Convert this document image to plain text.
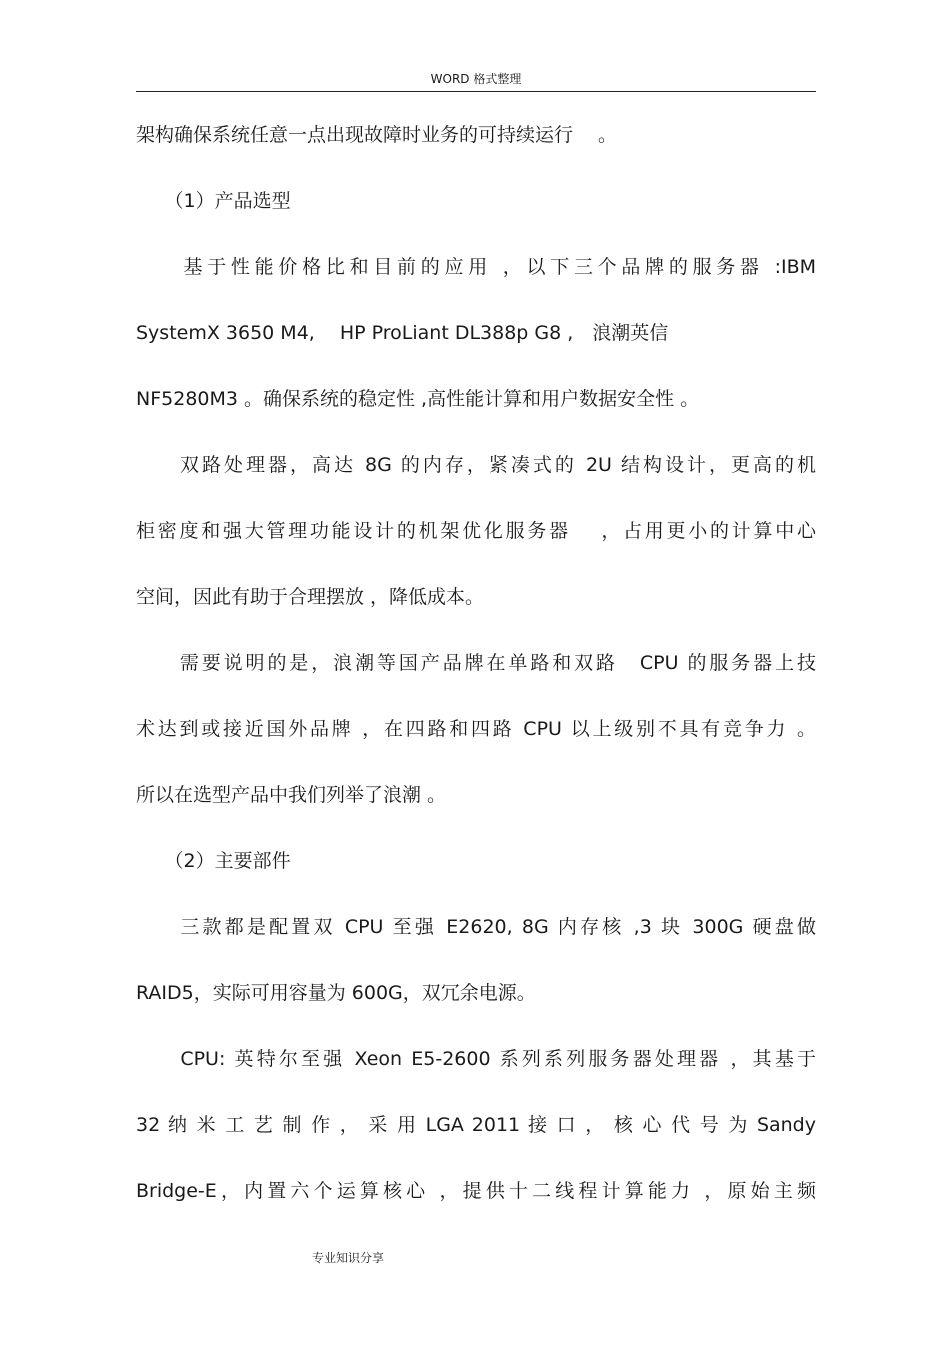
WORD 格式整理
架构确保系统任意一点出现故障时业务的可持续运行　 。
　　（1）产品选型
　　基于性能价格比和目前的应用 ，以下三个品牌的服务器 :IBM
SystemX 3650 M4,　 HP ProLiant DL388p G8 ,　浪潮英信
NF5280M3 。确保系统的稳定性 ,高性能计算和用户数据安全性 。
　　双路处理器，高达 8G 的内存，紧凑式的 2U 结构设计，更高的机
柜密度和强大管理功能设计的机架优化服务器　 ，占用更小的计算中心
空间，因此有助于合理摆放 ，降低成本。
　　需要说明的是，浪潮等国产品牌在单路和双路　CPU 的服务器上技
术达到或接近国外品牌 ，在四路和四路 CPU 以上级别不具有竞争力 。
所以在选型产品中我们列举了浪潮 。
　　（2）主要部件
　　三款都是配置双 CPU 至强 E2620, 8G 内存核 ,3 块 300G 硬盘做
RAID5，实际可用容量为 600G，双冗余电源。
　　CPU: 英特尔至强 Xeon E5-2600 系列系列服务器处理器 ，其基于
32 纳 米 工 艺 制 作 ， 采 用 LGA 2011 接 口 ， 核 心 代 号 为 Sandy
Bridge-E，内置六个运算核心 ，提供十二线程计算能力 ，原始主频
专业知识分享
